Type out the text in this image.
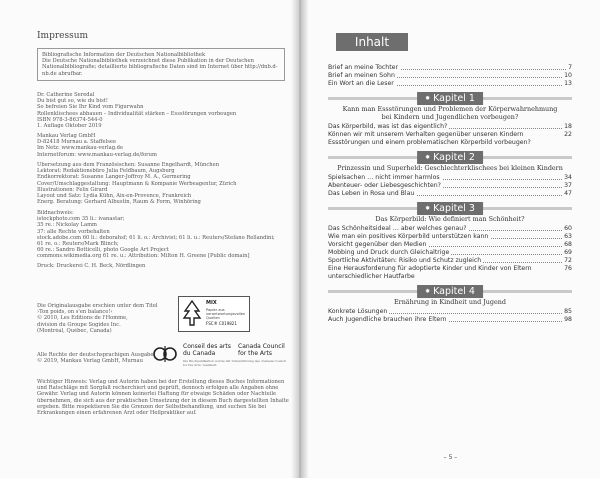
Impressum
Bibliografische Information der Deutschen Nationalbibliothek
Die Deutsche Nationalbibliothek verzeichnet diese Publikation in der Deutschen Nationalbibliografie; detaillierte bibliografische Daten sind im Internet über http://dnb.d-nb.de abrufbar.
Dr. Catherine Seredal
Du bist gut so, wie du bist!
So befreien Sie Ihr Kind vom Figurwahn
Rollenklischees abbauen – Individualität stärken – Essstörungen vorbeugen
ISBN 978-3-86374-544-0
1. Auflage Oktober 2019
Mankau Verlag GmbH
D-82418 Murnau a. Staffelsee
Im Netz: www.mankau-verlag.de
Internetforum: www.mankau-verlag.de/forum
Übersetzung aus dem Französischen: Susanne Engelhardt, München
Lektorat: Redaktionsbüro Julia Feldbaum, Augsburg
Endkorrektorat: Susanne Langer-Joffroy M. A., Germering
Cover/Umschlaggestaltung: Hauptmann & Kompanie Werbeagentur, Zürich
Illustrationen: Felix Girard
Layout und Satz: Lydia Kühn, Aix-en-Provence, Frankreich
Energ. Beratung: Gerhard Albustin, Raum & Form, Winhöring
Bildnachweis:
istockphoto.com 35 li.: ivanastar;
35 re.: Nickolay Lamm
37: alle Rechte vorbehalten
stock.adobe.com 60 li.: deborahsf; 61 li. o.: Archivist; 61 li. u.: Reuters/Stefano Rellandini;
61 re. o.: Reuters/Mark Blinch;
60 re.: Sandro Botticelli, photo Google Art Project
commons.wikimedia.org 61 re. u.: Attribution: Milton H. Greene [Public domain]
Druck: Druckerei C. H. Beck, Nördlingen
Die Originalausgabe erschien unter dem Titel
›Ton poids, on s'en balance!‹
© 2010, Les Éditions de l'Homme,
division du Groupe Sogides Inc.
(Montréal, Québec, Canada)
Alle Rechte der deutschsprachigen Ausgabe:
© 2019, Mankau Verlag GmbH, Murnau
MIX
Papier aus verantwortungsvollen Quellen
FSC® C019821
Conseil des arts
du Canada
Canada Council
for the Arts
Die Buchpublikation wurde mit Unterstützung des ›Canada Council for the Arts‹ realisiert.
Wichtiger Hinweis: Verlag und Autorin haben bei der Erstellung dieses Buches Informationen und Ratschläge mit Sorgfalt recherchiert und geprüft, dennoch erfolgen alle Angaben ohne Gewähr. Verlag und Autorin können keinerlei Haftung für etwaige Schäden oder Nachteile übernehmen, die sich aus der praktischen Umsetzung der in diesem Buch dargestellten Inhalte ergeben. Bitte respektieren Sie die Grenzen der Selbstbehandlung, und suchen Sie bei Erkrankungen einen erfahrenen Arzt oder Heilpraktiker auf.
Inhalt
Brief an meine Tochter	7
Brief an meinen Sohn	10
Ein Wort an die Leser	13
✸ Kapitel 1
Kann man Essstörungen und Problemen der Körperwahrnehmung
bei Kindern und Jugendlichen vorbeugen?
Das Körperbild, was ist das eigentlich?	18
Können wir mit unserem Verhalten gegenüber unseren Kindern Essstörungen und einem problematischen Körperbild vorbeugen?
22
✸ Kapitel 2
Prinzessin und Superheld: Geschlechterklischees bei kleinen Kindern
Spielsachen … nicht immer harmlos	34
Abenteuer- oder Liebesgeschichten?	37
Das Leben in Rosa und Blau	47
✸ Kapitel 3
Das Körperbild: Wie definiert man Schönheit?
Das Schönheitsideal … aber welches genau?	60
Wie man ein positives Körperbild unterstützen kann	63
Vorsicht gegenüber den Medien	68
Mobbing und Druck durch Gleichaltrige	69
Sportliche Aktivitäten: Risiko und Schutz zugleich	72
Eine Herausforderung für adoptierte Kinder und Kinder von Eltern unterschiedlicher Hautfarbe
76
✸ Kapitel 4
Ernährung in Kindheit und Jugend
Konkrete Lösungen	85
Auch Jugendliche brauchen ihre Eltern	98
– 5 –
